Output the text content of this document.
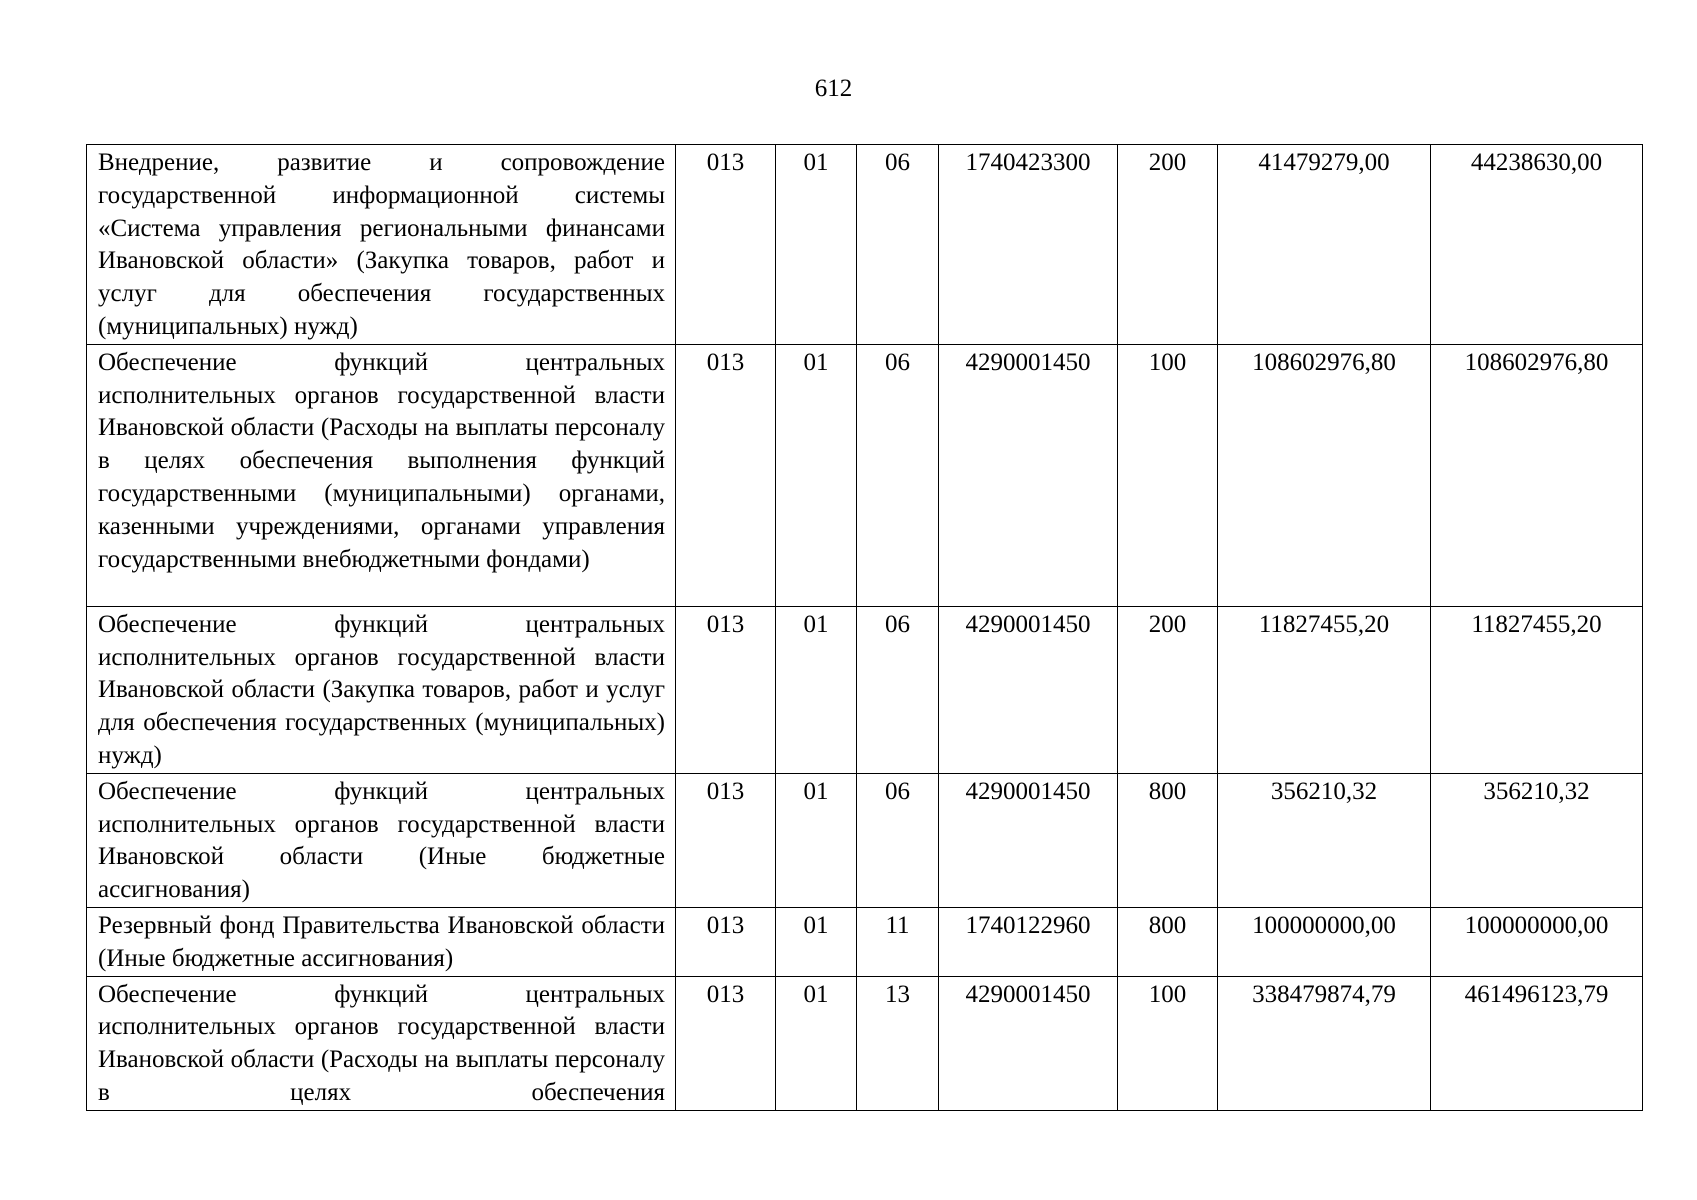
612
Внедрение, развитие и сопровождение государственной информационной системы «Система управления региональными финансами Ивановской области» (Закупка товаров, работ и услуг для обеспечения государственных (муниципальных) нужд)	013	01	06	1740423300	200	41479279,00	44238630,00
Обеспечение функций центральных исполнительных органов государственной власти Ивановской области (Расходы на выплаты персоналу в целях обеспечения выполнения функций государственными (муниципальными) органами, казенными учреждениями, органами управления государственными внебюджетными фондами)	013	01	06	4290001450	100	108602976,80	108602976,80
Обеспечение функций центральных исполнительных органов государственной власти Ивановской области (Закупка товаров, работ и услуг для обеспечения государственных (муниципальных) нужд)	013	01	06	4290001450	200	11827455,20	11827455,20
Обеспечение функций центральных исполнительных органов государственной власти Ивановской области (Иные бюджетные ассигнования)	013	01	06	4290001450	800	356210,32	356210,32
Резервный фонд Правительства Ивановской области (Иные бюджетные ассигнования)	013	01	11	1740122960	800	100000000,00	100000000,00
Обеспечение функций центральных исполнительных органов государственной власти Ивановской области (Расходы на выплаты персоналу в целях обеспечения	013	01	13	4290001450	100	338479874,79	461496123,79
